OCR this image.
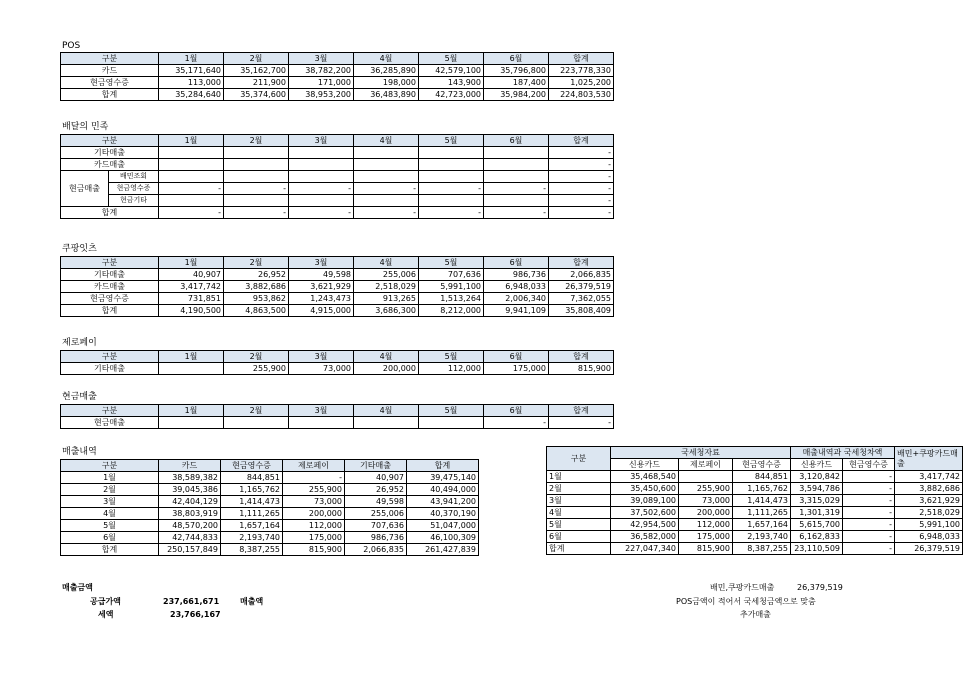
POS
구분	1월	2월	3월	4월	5월	6월	합계
카드	35,171,640	35,162,700	38,782,200	36,285,890	42,579,100	35,796,800	223,778,330
현금영수증	113,000	211,900	171,000	198,000	143,900	187,400	1,025,200
합계	35,284,640	35,374,600	38,953,200	36,483,890	42,723,000	35,984,200	224,803,530
배달의 민족
구분		1월	2월	3월	4월	5월	6월	합계
기타매출								-
카드매출								-
현금매출	배민조회							-
	현금영수증	-	-	-	-	-	-	-
	현금기타							-
합계		-	-	-	-	-	-	-
쿠팡잇츠
구분	1월	2월	3월	4월	5월	6월	합계
기타매출	40,907	26,952	49,598	255,006	707,636	986,736	2,066,835
카드매출	3,417,742	3,882,686	3,621,929	2,518,029	5,991,100	6,948,033	26,379,519
현금영수증	731,851	953,862	1,243,473	913,265	1,513,264	2,006,340	7,362,055
합계	4,190,500	4,863,500	4,915,000	3,686,300	8,212,000	9,941,109	35,808,409
제로페이
구분	1월	2월	3월	4월	5월	6월	합계
기타매출		255,900	73,000	200,000	112,000	175,000	815,900
현금매출
구분	1월	2월	3월	4월	5월	6월	합계
현금매출						-	-
매출내역
구분	카드	현금영수증	제로페이	기타매출	합계
1월	38,589,382	844,851	-	40,907	39,475,140
2월	39,045,386	1,165,762	255,900	26,952	40,494,000
3월	42,404,129	1,414,473	73,000	49,598	43,941,200
4월	38,803,919	1,111,265	200,000	255,006	40,370,190
5월	48,570,200	1,657,164	112,000	707,636	51,047,000
6월	42,744,833	2,193,740	175,000	986,736	46,100,309
합계	250,157,849	8,387,255	815,900	2,066,835	261,427,839
구분	국세청자료			매출내역과 국세청차액		배민+쿠팡카드매출
	신용카드	제로페이	현금영수증	신용카드	현금영수증	
1월	35,468,540		844,851	3,120,842	-	3,417,742
2월	35,450,600	255,900	1,165,762	3,594,786	-	3,882,686
3월	39,089,100	73,000	1,414,473	3,315,029	-	3,621,929
4월	37,502,600	200,000	1,111,265	1,301,319	-	2,518,029
5월	42,954,500	112,000	1,657,164	5,615,700	-	5,991,100
6월	36,582,000	175,000	2,193,740	6,162,833	-	6,948,033
합계	227,047,340	815,900	8,387,255	23,110,509	-	26,379,519
매출금액
공급가액	237,661,671	매출액
세액	23,766,167
배민,쿠팡카드매출	26,379,519
POS금액이 적어서 국세청금액으로 맞춤
추가매출
